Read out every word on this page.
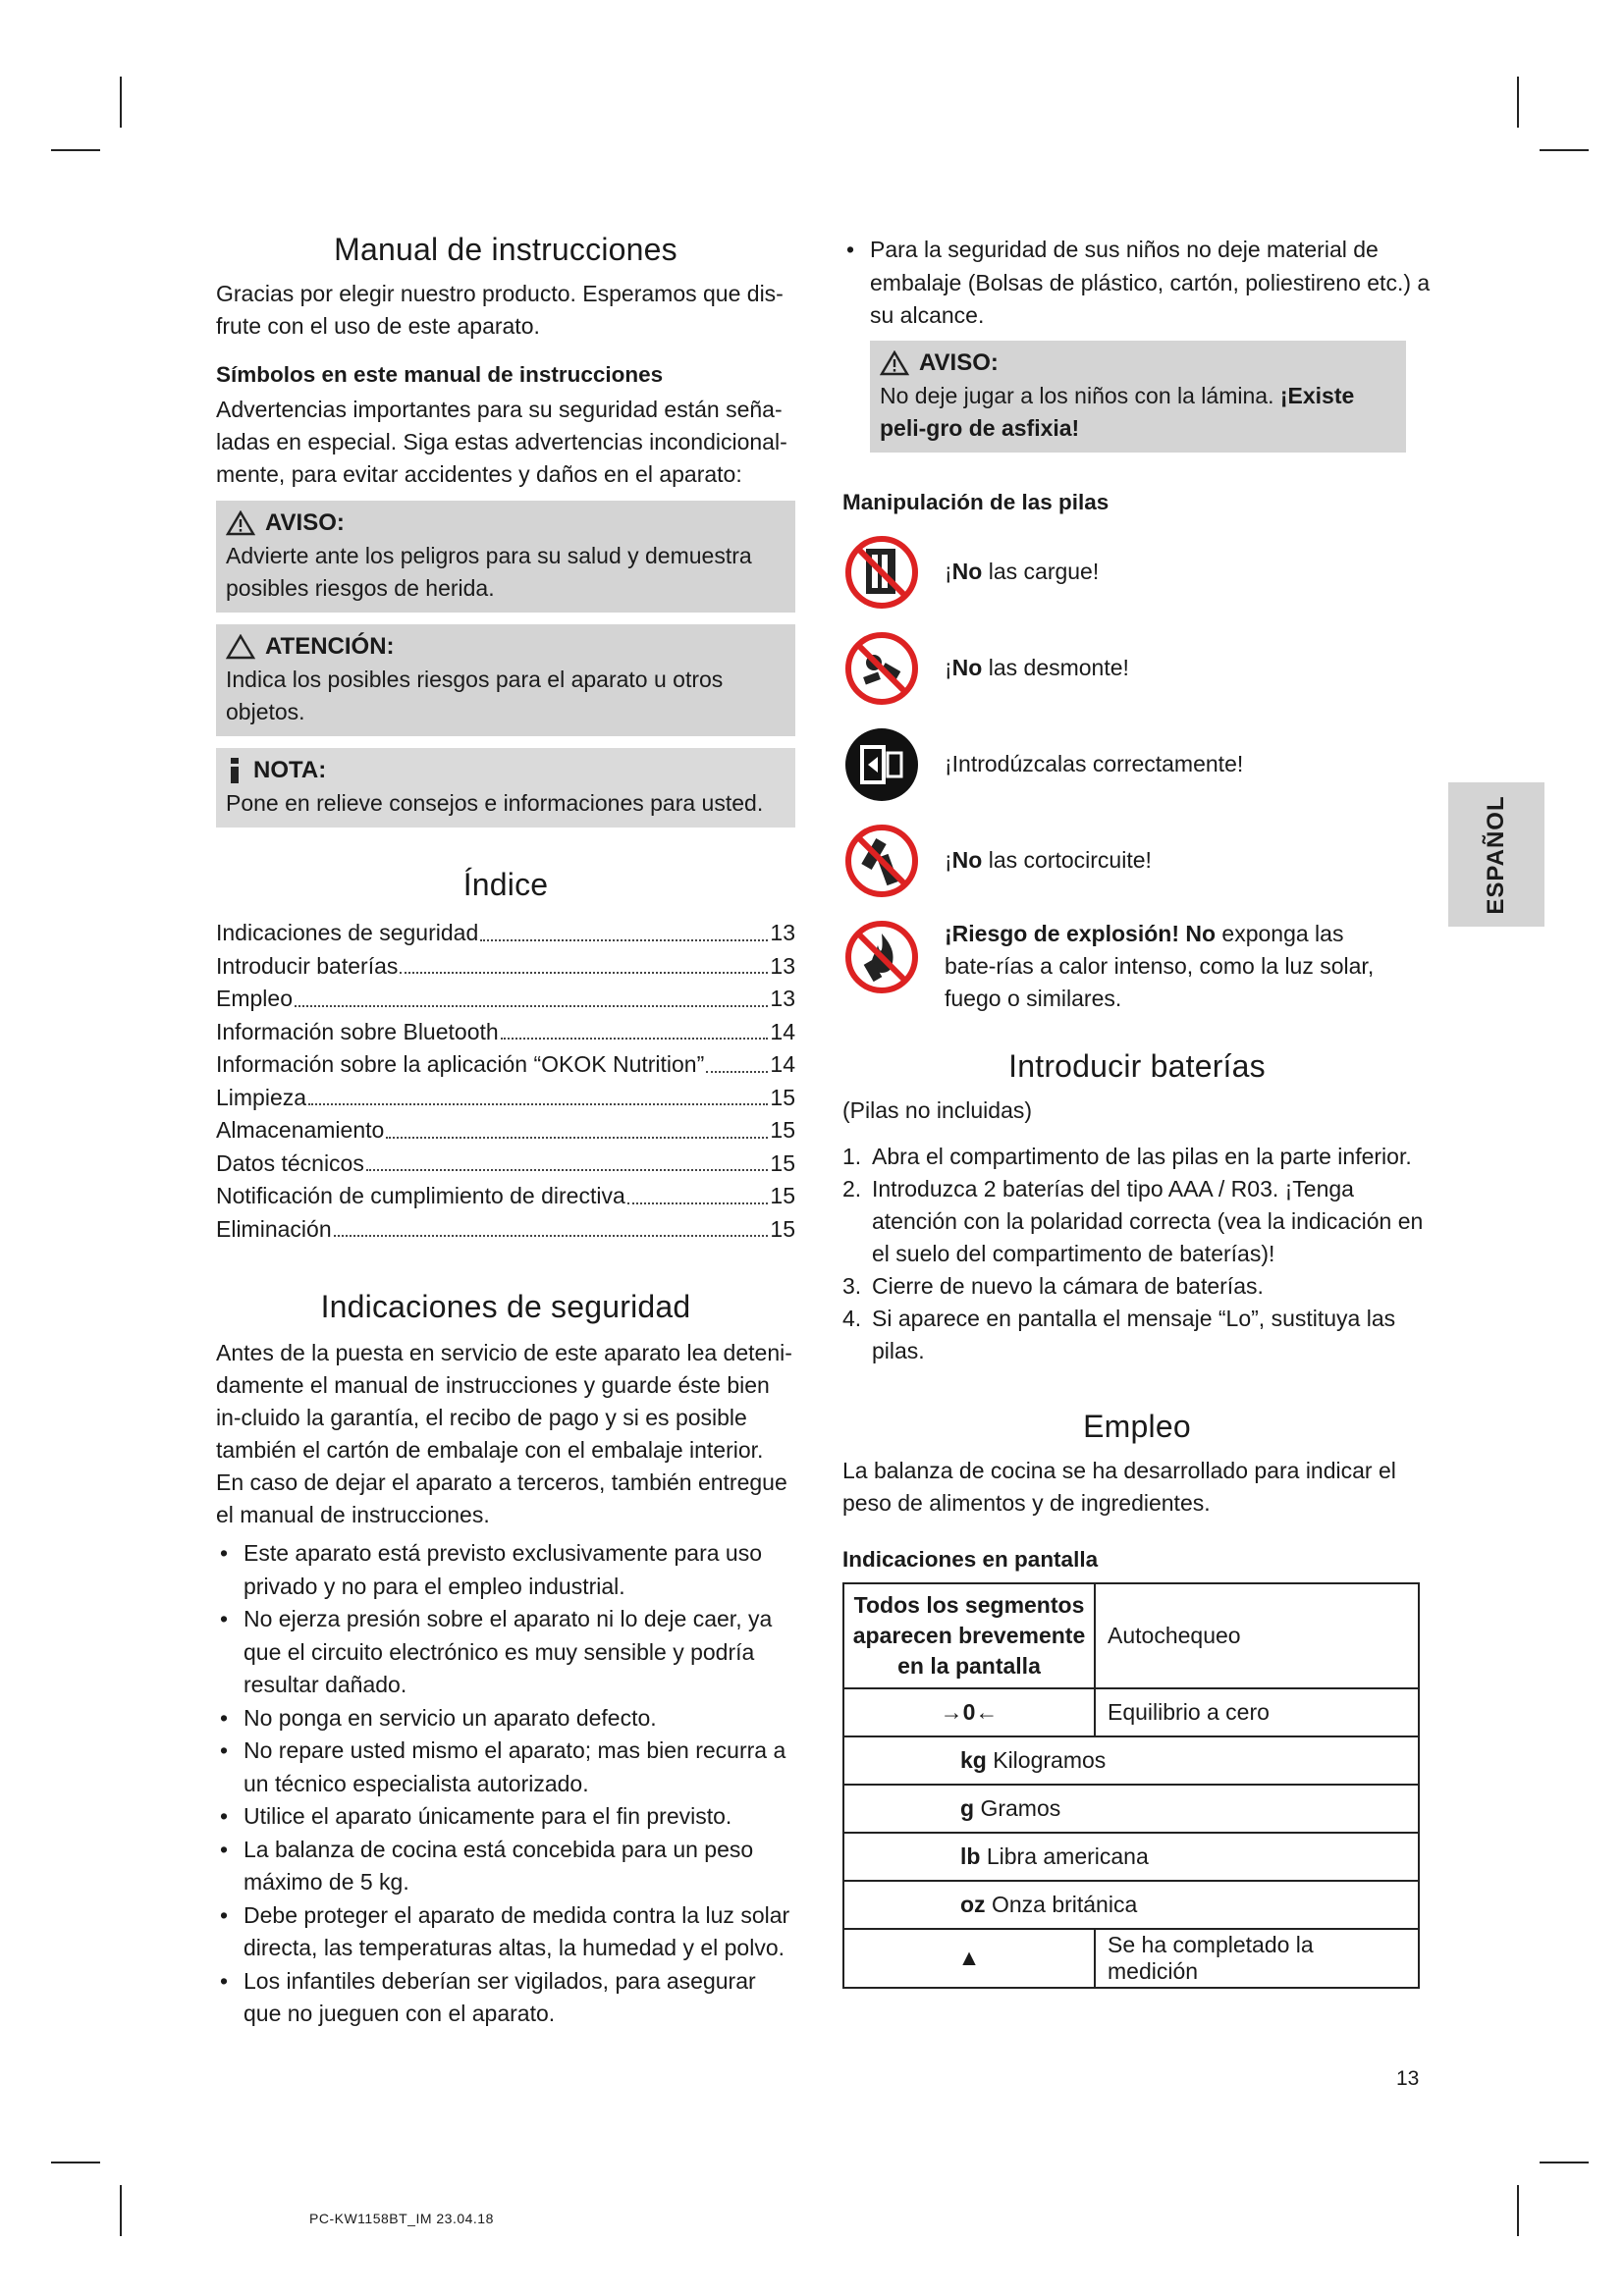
Manual de instrucciones

Gracias por elegir nuestro producto. Esperamos que dis-frute con el uso de este aparato.

Símbolos en este manual de instrucciones

Advertencias importantes para su seguridad están seña-ladas en especial. Siga estas advertencias incondicional-mente, para evitar accidentes y daños en el aparato:

AVISO:
Advierte ante los peligros para su salud y demuestra posibles riesgos de herida.
ATENCIÓN:
Indica los posibles riesgos para el aparato u otros objetos.
NOTA:
Pone en relieve consejos e informaciones para usted.
Índice
Indicaciones de seguridad	13
Introducir baterías	13
Empleo	13
Información sobre Bluetooth	14
Información sobre la aplicación “OKOK Nutrition”	14
Limpieza	15
Almacenamiento	15
Datos técnicos	15
Notificación de cumplimiento de directiva	15
Eliminación	15
Indicaciones de seguridad

Antes de la puesta en servicio de este aparato lea deteni-damente el manual de instrucciones y guarde éste bien in-cluido la garantía, el recibo de pago y si es posible también el cartón de embalaje con el embalaje interior. En caso de dejar el aparato a terceros, también entregue el manual de instrucciones.

• Este aparato está previsto exclusivamente para uso privado y no para el empleo industrial.
• No ejerza presión sobre el aparato ni lo deje caer, ya que el circuito electrónico es muy sensible y podría resultar dañado.
• No ponga en servicio un aparato defecto.
• No repare usted mismo el aparato; mas bien recurra a un técnico especialista autorizado.
• Utilice el aparato únicamente para el fin previsto.
• La balanza de cocina está concebida para un peso máximo de 5 kg.
• Debe proteger el aparato de medida contra la luz solar directa, las temperaturas altas, la humedad y el polvo.
• Los infantiles deberían ser vigilados, para asegurar que no jueguen con el aparato.
• Para la seguridad de sus niños no deje material de embalaje (Bolsas de plástico, cartón, poliestireno etc.) a su alcance.
AVISO:
No deje jugar a los niños con la lámina. ¡Existe peli-gro de asfixia!
Manipulación de las pilas
¡No las cargue!
¡No las desmonte!
¡Introdúzcalas correctamente!
¡No las cortocircuite!
¡Riesgo de explosión! No exponga las bate-rías a calor intenso, como la luz solar, fuego o similares.
Introducir baterías

(Pilas no incluidas)

1. Abra el compartimento de las pilas en la parte inferior.
2. Introduzca 2 baterías del tipo AAA / R03. ¡Tenga atención con la polaridad correcta (vea la indicación en el suelo del compartimento de baterías)!
3. Cierre de nuevo la cámara de baterías.
4. Si aparece en pantalla el mensaje “Lo”, sustituya las pilas.
Empleo

La balanza de cocina se ha desarrollado para indicar el peso de alimentos y de ingredientes.

Indicaciones en pantalla
Todos los segmentos aparecen brevemente en la pantalla	Autochequeo
→0←	Equilibrio a cero
kg Kilogramos	
g Gramos	
lb Libra americana	
oz Onza británica	
▲	Se ha completado la medición
ESPAÑOL
13
PC-KW1158BT_IM 23.04.18
